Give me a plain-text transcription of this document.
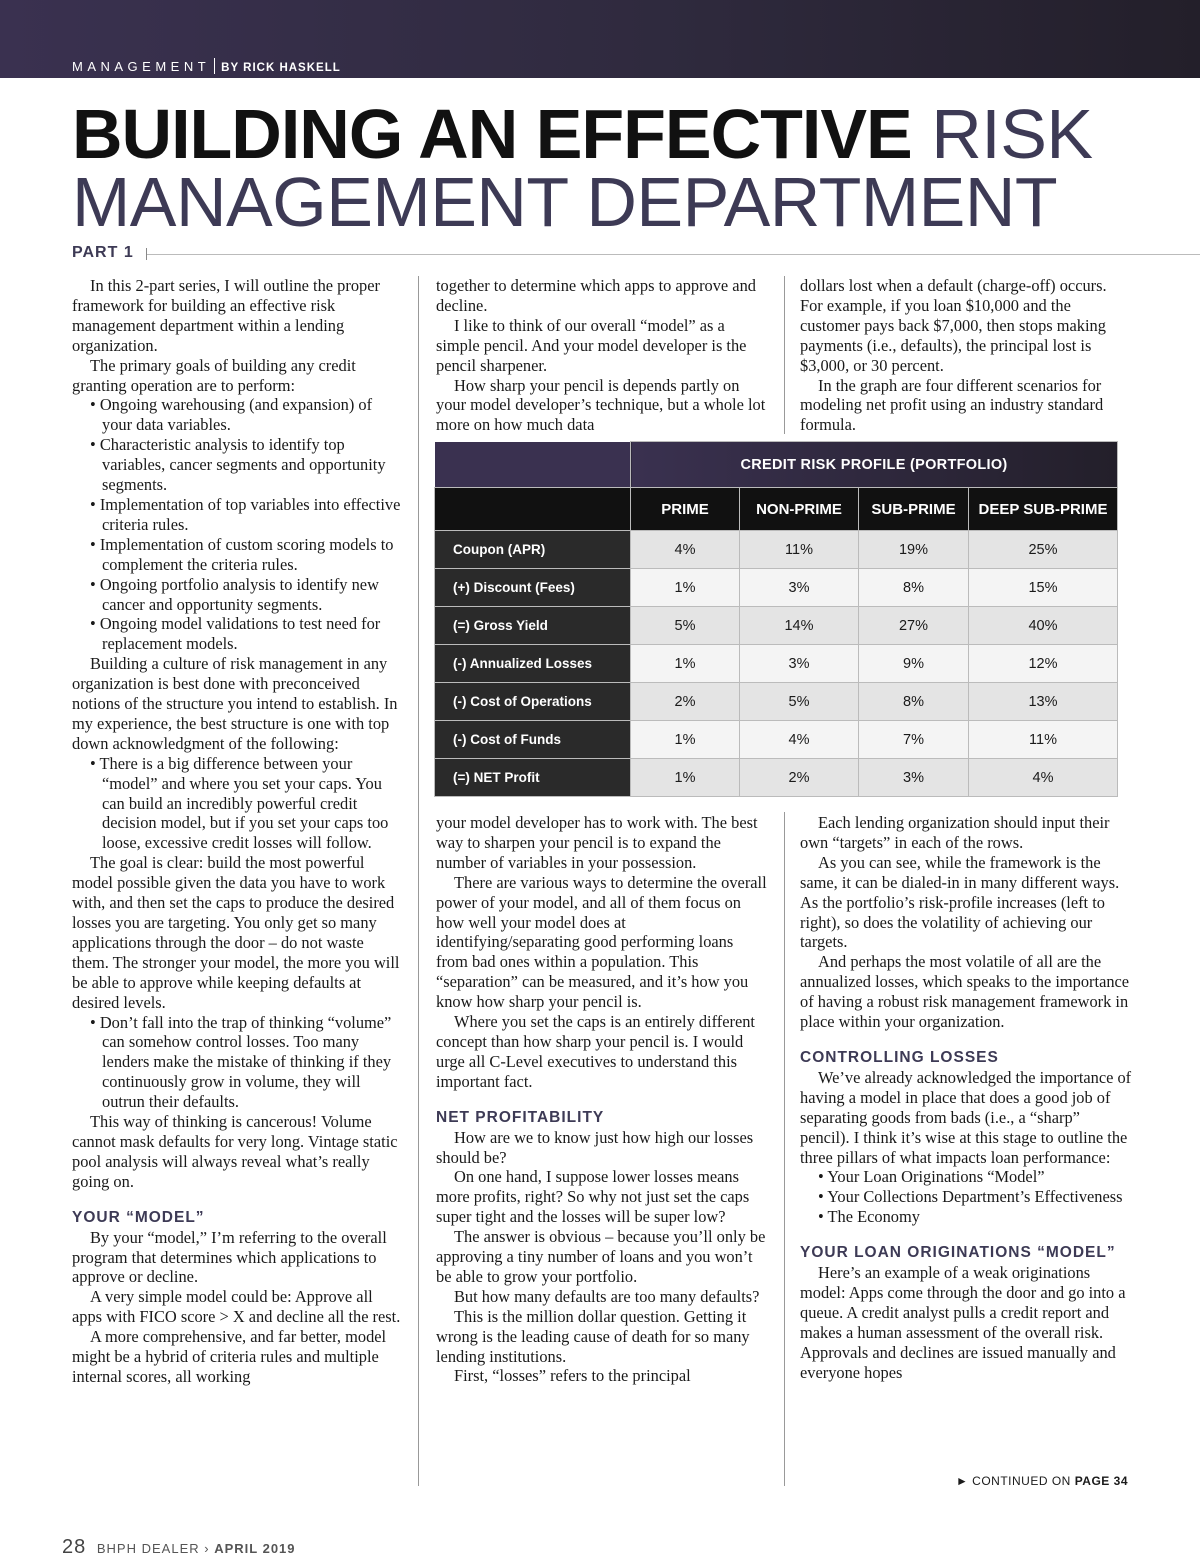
MANAGEMENT BY RICK HASKELL
BUILDING AN EFFECTIVE RISK
MANAGEMENT DEPARTMENT
PART 1

In this 2-part series, I will outline the proper framework for building an effective risk management department within a lending organization.

The primary goals of building any credit granting operation are to perform:

• Ongoing warehousing (and expansion) of your data variables.
• Characteristic analysis to identify top variables, cancer segments and opportunity segments.
• Implementation of top variables into effective criteria rules.
• Implementation of custom scoring models to complement the criteria rules.
• Ongoing portfolio analysis to identify new cancer and opportunity segments.
• Ongoing model validations to test need for replacement models.

Building a culture of risk management in any organization is best done with preconceived notions of the structure you intend to establish. In my experience, the best structure is one with top down acknowledgment of the following:

• There is a big difference between your “model” and where you set your caps. You can build an incredibly powerful credit decision model, but if you set your caps too loose, excessive credit losses will follow.

The goal is clear: build the most powerful model possible given the data you have to work with, and then set the caps to produce the desired losses you are targeting. You only get so many applications through the door – do not waste them. The stronger your model, the more you will be able to approve while keeping defaults at desired levels.

• Don’t fall into the trap of thinking “volume” can somehow control losses. Too many lenders make the mistake of thinking if they continuously grow in volume, they will outrun their defaults.

This way of thinking is cancerous! Volume cannot mask defaults for very long. Vintage static pool analysis will always reveal what’s really going on.

YOUR “MODEL”

By your “model,” I’m referring to the overall program that determines which applications to approve or decline.

A very simple model could be: Approve all apps with FICO score > X and decline all the rest.

A more comprehensive, and far better, model might be a hybrid of criteria rules and multiple internal scores, all working

together to determine which apps to approve and decline.

I like to think of our overall “model” as a simple pencil. And your model developer is the pencil sharpener.

How sharp your pencil is depends partly on your model developer’s technique, but a whole lot more on how much data

dollars lost when a default (charge-off) occurs. For example, if you loan $10,000 and the customer pays back $7,000, then stops making payments (i.e., defaults), the principal lost is $3,000, or 30 percent.

In the graph are four different scenarios for modeling net profit using an industry standard formula.

	CREDIT RISK PROFILE (PORTFOLIO)			
	PRIME	NON-PRIME	SUB-PRIME	DEEP SUB-PRIME
Coupon (APR)	4%	11%	19%	25%
(+) Discount (Fees)	1%	3%	8%	15%
(=) Gross Yield	5%	14%	27%	40%
(-) Annualized Losses	1%	3%	9%	12%
(-) Cost of Operations	2%	5%	8%	13%
(-) Cost of Funds	1%	4%	7%	11%
(=) NET Profit	1%	2%	3%	4%

your model developer has to work with. The best way to sharpen your pencil is to expand the number of variables in your possession.

There are various ways to determine the overall power of your model, and all of them focus on how well your model does at identifying/separating good performing loans from bad ones within a population. This “separation” can be measured, and it’s how you know how sharp your pencil is.

Where you set the caps is an entirely different concept than how sharp your pencil is. I would urge all C-Level executives to understand this important fact.

NET PROFITABILITY

How are we to know just how high our losses should be?

On one hand, I suppose lower losses means more profits, right? So why not just set the caps super tight and the losses will be super low?

The answer is obvious – because you’ll only be approving a tiny number of loans and you won’t be able to grow your portfolio.

But how many defaults are too many defaults?

This is the million dollar question. Getting it wrong is the leading cause of death for so many lending institutions.

First, “losses” refers to the principal

Each lending organization should input their own “targets” in each of the rows.

As you can see, while the framework is the same, it can be dialed-in in many different ways. As the portfolio’s risk-profile increases (left to right), so does the volatility of achieving our targets.

And perhaps the most volatile of all are the annualized losses, which speaks to the importance of having a robust risk management framework in place within your organization.

CONTROLLING LOSSES

We’ve already acknowledged the importance of having a model in place that does a good job of separating goods from bads (i.e., a “sharp” pencil). I think it’s wise at this stage to outline the three pillars of what impacts loan performance:

• Your Loan Originations “Model”
• Your Collections Department’s Effectiveness
• The Economy
YOUR LOAN ORIGINATIONS “MODEL”

Here’s an example of a weak originations model: Apps come through the door and go into a queue. A credit analyst pulls a credit report and makes a human assessment of the overall risk. Approvals and declines are issued manually and everyone hopes

► CONTINUED ON PAGE 34
28 BHPH DEALER › APRIL 2019
